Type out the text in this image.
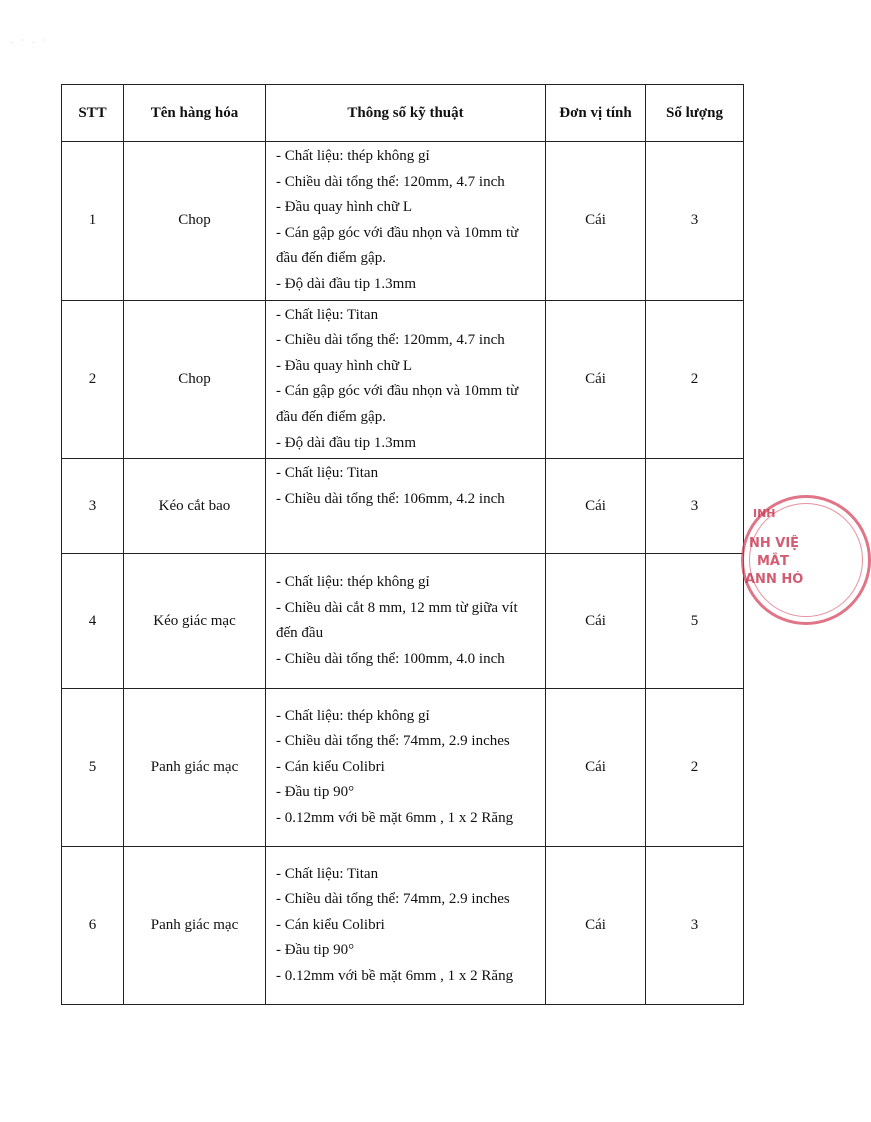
. · . ·
STT	Tên hàng hóa	Thông số kỹ thuật	Đơn vị tính	Số lượng
1	Chop	- Chất liệu: thép không gỉ
- Chiều dài tổng thể: 120mm, 4.7 inch
- Đầu quay hình chữ L
- Cán gập góc với đầu nhọn và 10mm từ đầu đến điểm gập.
- Độ dài đầu tip 1.3mm	Cái	3
2	Chop	- Chất liệu: Titan
- Chiều dài tổng thể: 120mm, 4.7 inch
- Đầu quay hình chữ L
- Cán gập góc với đầu nhọn và 10mm từ đầu đến điểm gập.
- Độ dài đầu tip 1.3mm	Cái	2
3	Kéo cắt bao	- Chất liệu: Titan
- Chiều dài tổng thể: 106mm, 4.2 inch	Cái	3
4	Kéo giác mạc	- Chất liệu: thép không gỉ
- Chiều dài cắt 8 mm, 12 mm từ giữa vít đến đầu
- Chiều dài tổng thể: 100mm, 4.0 inch	Cái	5
5	Panh giác mạc	- Chất liệu: thép không gỉ
- Chiều dài tổng thể: 74mm, 2.9 inches
- Cán kiểu Colibri
- Đầu tip 90°
- 0.12mm với bề mặt 6mm , 1 x 2 Răng	Cái	2
6	Panh giác mạc	- Chất liệu: Titan
- Chiều dài tổng thể: 74mm, 2.9 inches
- Cán kiểu Colibri
- Đầu tip 90°
- 0.12mm với bề mặt 6mm , 1 x 2 Răng	Cái	3
INH
NH VIỆ
MẮT
ANN HÓ
